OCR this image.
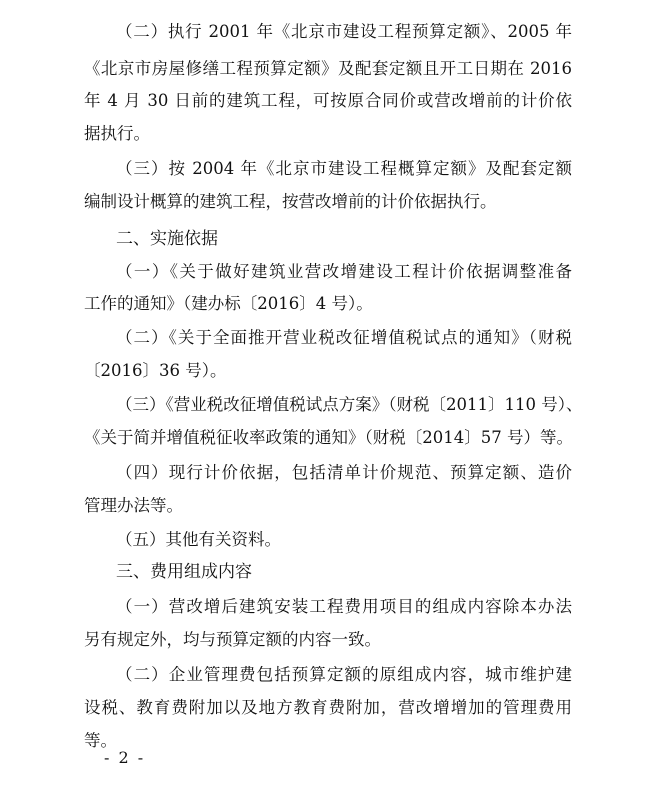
（二）执行 2001 年《北京市建设工程预算定额》、2005 年
《北京市房屋修缮工程预算定额》及配套定额且开工日期在 2016
年 4 月 30 日前的建筑工程，可按原合同价或营改增前的计价依
据执行。
（三）按 2004 年《北京市建设工程概算定额》及配套定额
编制设计概算的建筑工程，按营改增前的计价依据执行。
二、实施依据
（一）《关于做好建筑业营改增建设工程计价依据调整准备
工作的通知》（建办标〔2016〕4 号）。
（二）《关于全面推开营业税改征增值税试点的通知》（财税
〔2016〕36 号）。
（三）《营业税改征增值税试点方案》（财税〔2011〕110 号）、
《关于简并增值税征收率政策的通知》（财税〔2014〕57 号）等。
（四）现行计价依据，包括清单计价规范、预算定额、造价
管理办法等。
（五）其他有关资料。
三、费用组成内容
（一）营改增后建筑安装工程费用项目的组成内容除本办法
另有规定外，均与预算定额的内容一致。
（二）企业管理费包括预算定额的原组成内容，城市维护建
设税、教育费附加以及地方教育费附加，营改增增加的管理费用
等。
- 2 -
